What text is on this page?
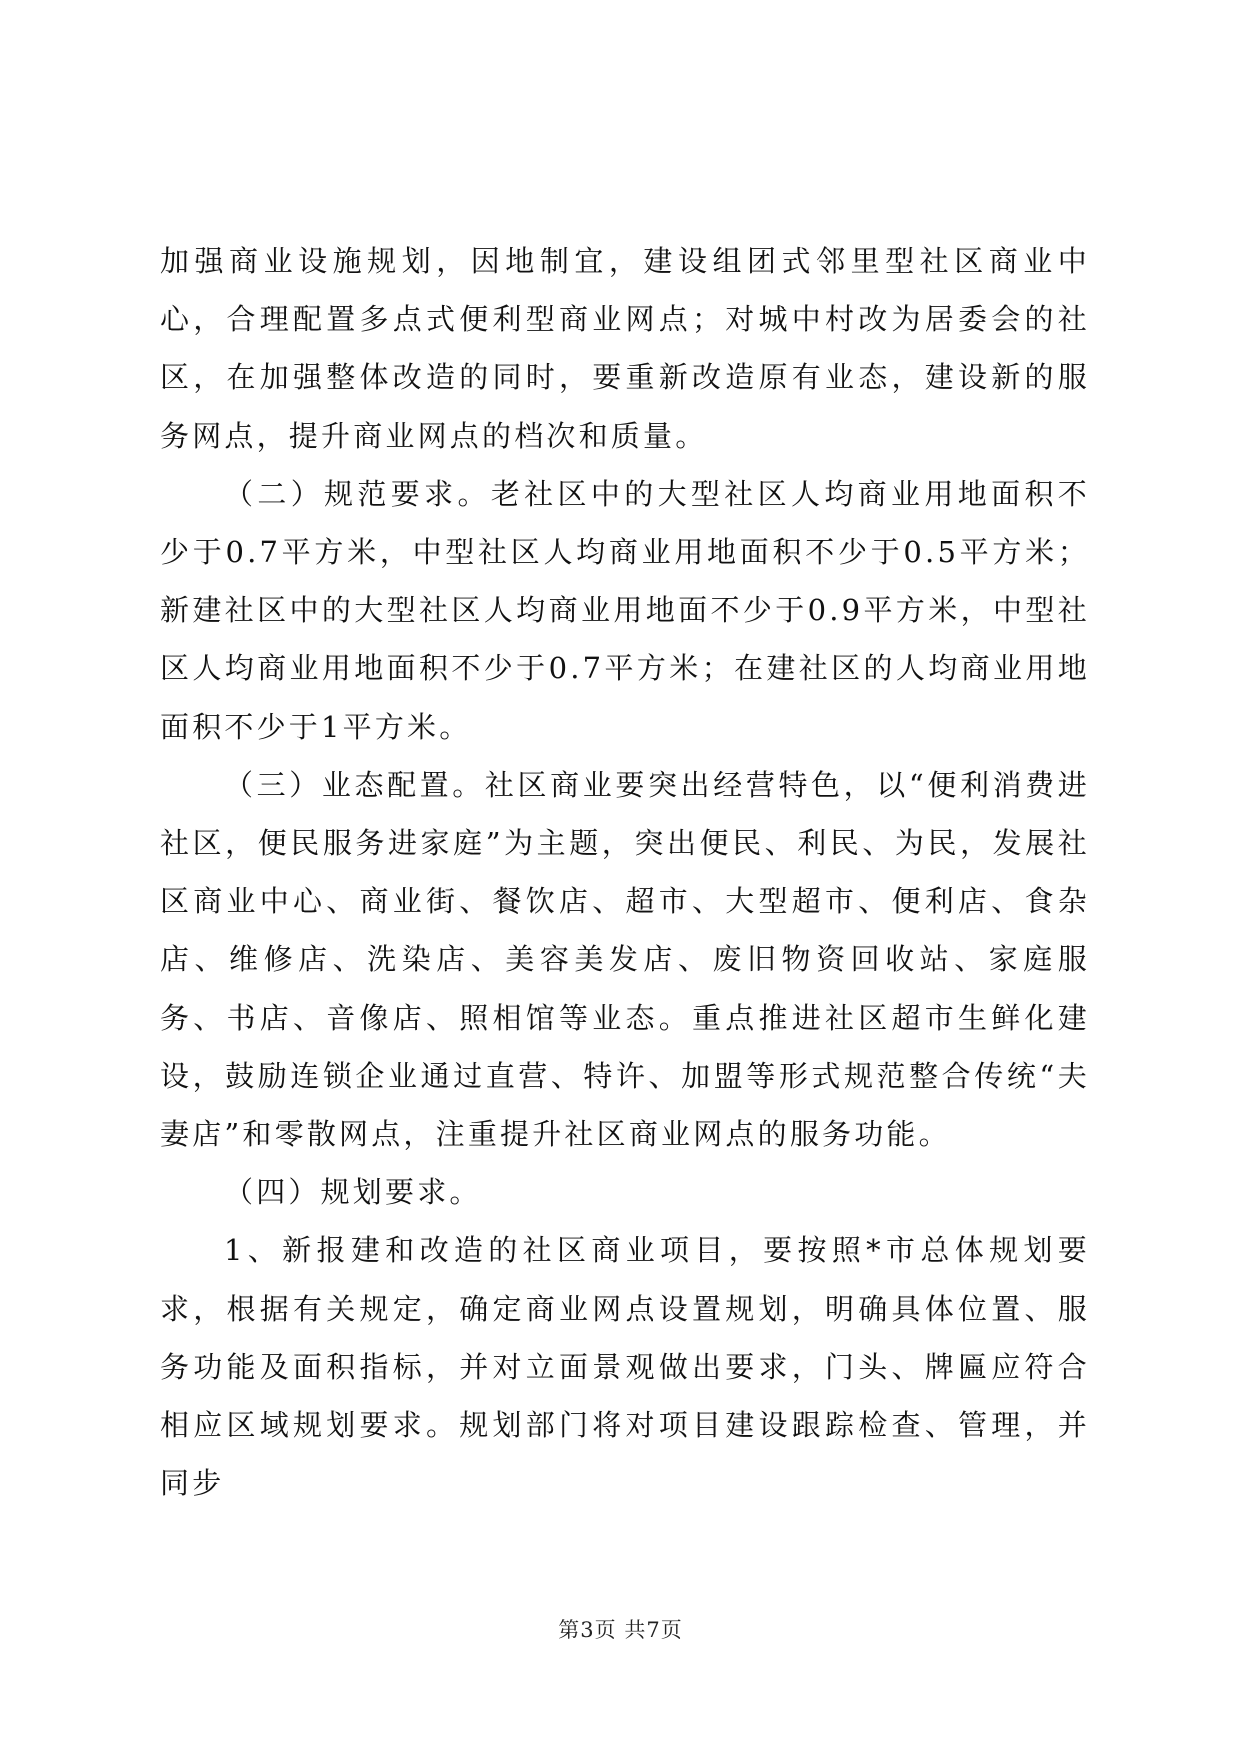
加强商业设施规划，因地制宜，建设组团式邻里型社区商业中心，合理配置多点式便利型商业网点；对城中村改为居委会的社区，在加强整体改造的同时，要重新改造原有业态，建设新的服务网点，提升商业网点的档次和质量。

（二）规范要求。老社区中的大型社区人均商业用地面积不少于0.7平方米，中型社区人均商业用地面积不少于0.5平方米；新建社区中的大型社区人均商业用地面不少于0.9平方米，中型社区人均商业用地面积不少于0.7平方米；在建社区的人均商业用地面积不少于1平方米。

（三）业态配置。社区商业要突出经营特色，以“便利消费进社区，便民服务进家庭”为主题，突出便民、利民、为民，发展社区商业中心、商业街、餐饮店、超市、大型超市、便利店、食杂店、维修店、洗染店、美容美发店、废旧物资回收站、家庭服务、书店、音像店、照相馆等业态。重点推进社区超市生鲜化建设，鼓励连锁企业通过直营、特许、加盟等形式规范整合传统“夫妻店”和零散网点，注重提升社区商业网点的服务功能。

（四）规划要求。

1、新报建和改造的社区商业项目，要按照*市总体规划要求，根据有关规定，确定商业网点设置规划，明确具体位置、服务功能及面积指标，并对立面景观做出要求，门头、牌匾应符合相应区域规划要求。规划部门将对项目建设跟踪检查、管理，并同步

第3页 共7页
